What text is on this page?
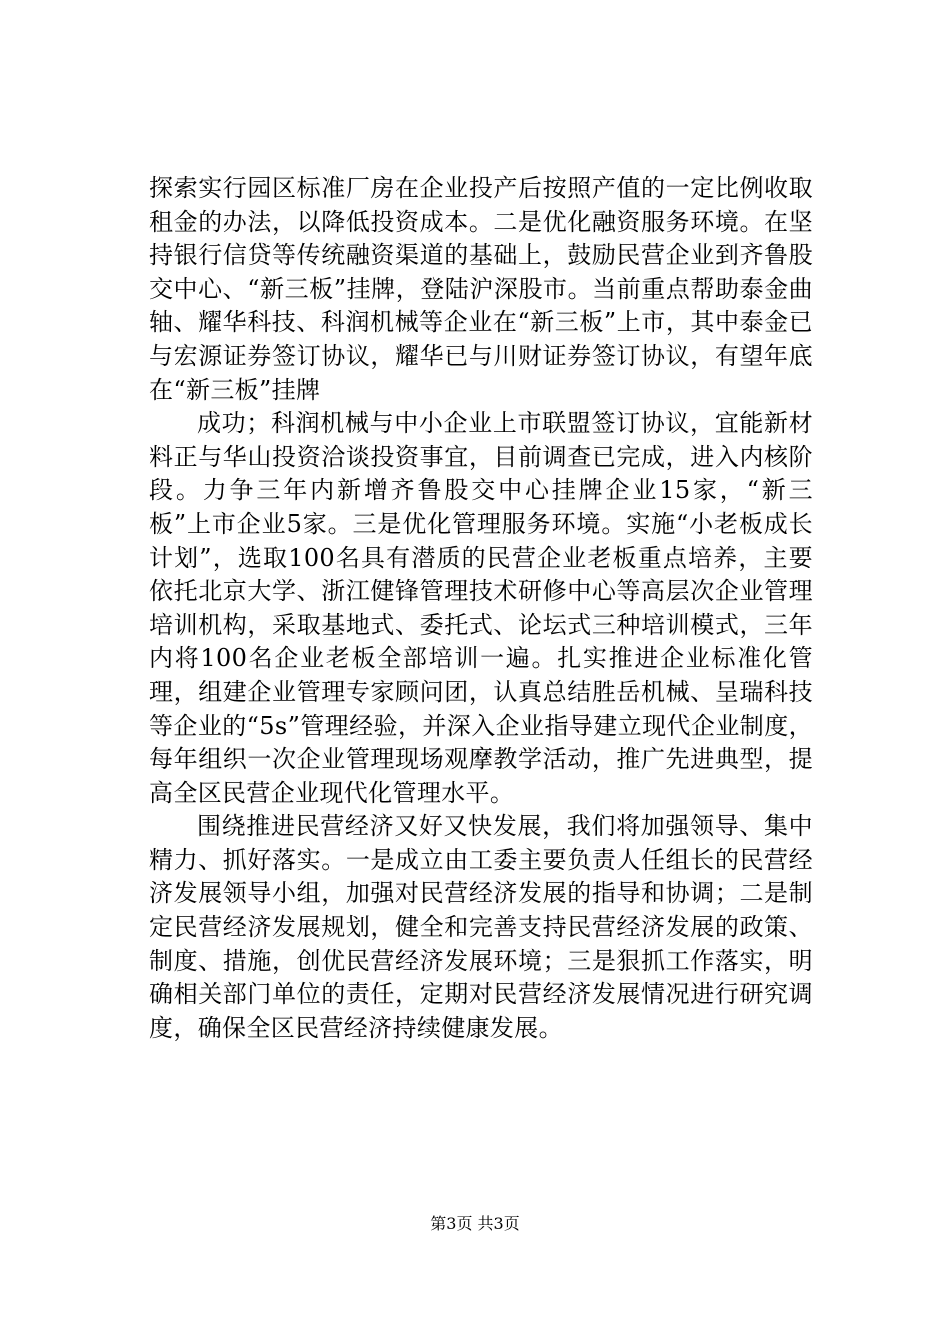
探索实行园区标准厂房在企业投产后按照产值的一定比例收取租金的办法，以降低投资成本。二是优化融资服务环境。在坚持银行信贷等传统融资渠道的基础上，鼓励民营企业到齐鲁股交中心、“新三板”挂牌，登陆沪深股市。当前重点帮助泰金曲轴、耀华科技、科润机械等企业在“新三板”上市，其中泰金已与宏源证券签订协议，耀华已与川财证券签订协议，有望年底在“新三板”挂牌

成功；科润机械与中小企业上市联盟签订协议，宜能新材料正与华山投资洽谈投资事宜，目前调查已完成，进入内核阶段。力争三年内新增齐鲁股交中心挂牌企业15家，“新三板”上市企业5家。三是优化管理服务环境。实施“小老板成长计划”，选取100名具有潜质的民营企业老板重点培养，主要依托北京大学、浙江健锋管理技术研修中心等高层次企业管理培训机构，采取基地式、委托式、论坛式三种培训模式，三年内将100名企业老板全部培训一遍。扎实推进企业标准化管理，组建企业管理专家顾问团，认真总结胜岳机械、呈瑞科技等企业的“5s”管理经验，并深入企业指导建立现代企业制度，每年组织一次企业管理现场观摩教学活动，推广先进典型，提高全区民营企业现代化管理水平。

围绕推进民营经济又好又快发展，我们将加强领导、集中精力、抓好落实。一是成立由工委主要负责人任组长的民营经济发展领导小组，加强对民营经济发展的指导和协调；二是制定民营经济发展规划，健全和完善支持民营经济发展的政策、制度、措施，创优民营经济发展环境；三是狠抓工作落实，明确相关部门单位的责任，定期对民营经济发展情况进行研究调度，确保全区民营经济持续健康发展。

第3页 共3页
